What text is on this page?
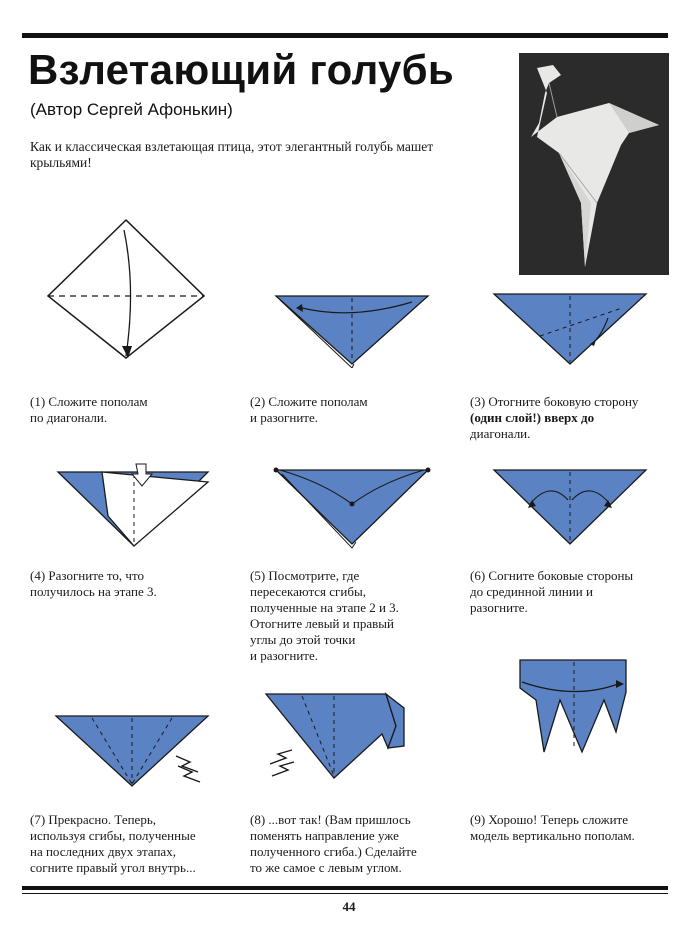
Взлетающий голубь
(Автор Сергей Афонькин)
Как и классическая взлетающая птица, этот элегантный голубь машет крыльями!
(1) Сложите пополам
по диагонали.
(2) Сложите пополам
и разогните.
(3) Отогните боковую сторону
(один слой!) вверх до
диагонали.
(4) Разогните то, что
получилось на этапе 3.
(5) Посмотрите, где
пересекаются сгибы,
полученные на этапе 2 и 3.
Отогните левый и правый
углы до этой точки
и разогните.
(6) Согните боковые стороны
до срединной линии и
разогните.
(7) Прекрасно. Теперь,
используя сгибы, полученные
на последних двух этапах,
согните правый угол внутрь...
(8) ...вот так! (Вам пришлось
поменять направление уже
полученного сгиба.) Сделайте
то же самое с левым углом.
(9) Хорошо! Теперь сложите
модель вертикально пополам.
44
